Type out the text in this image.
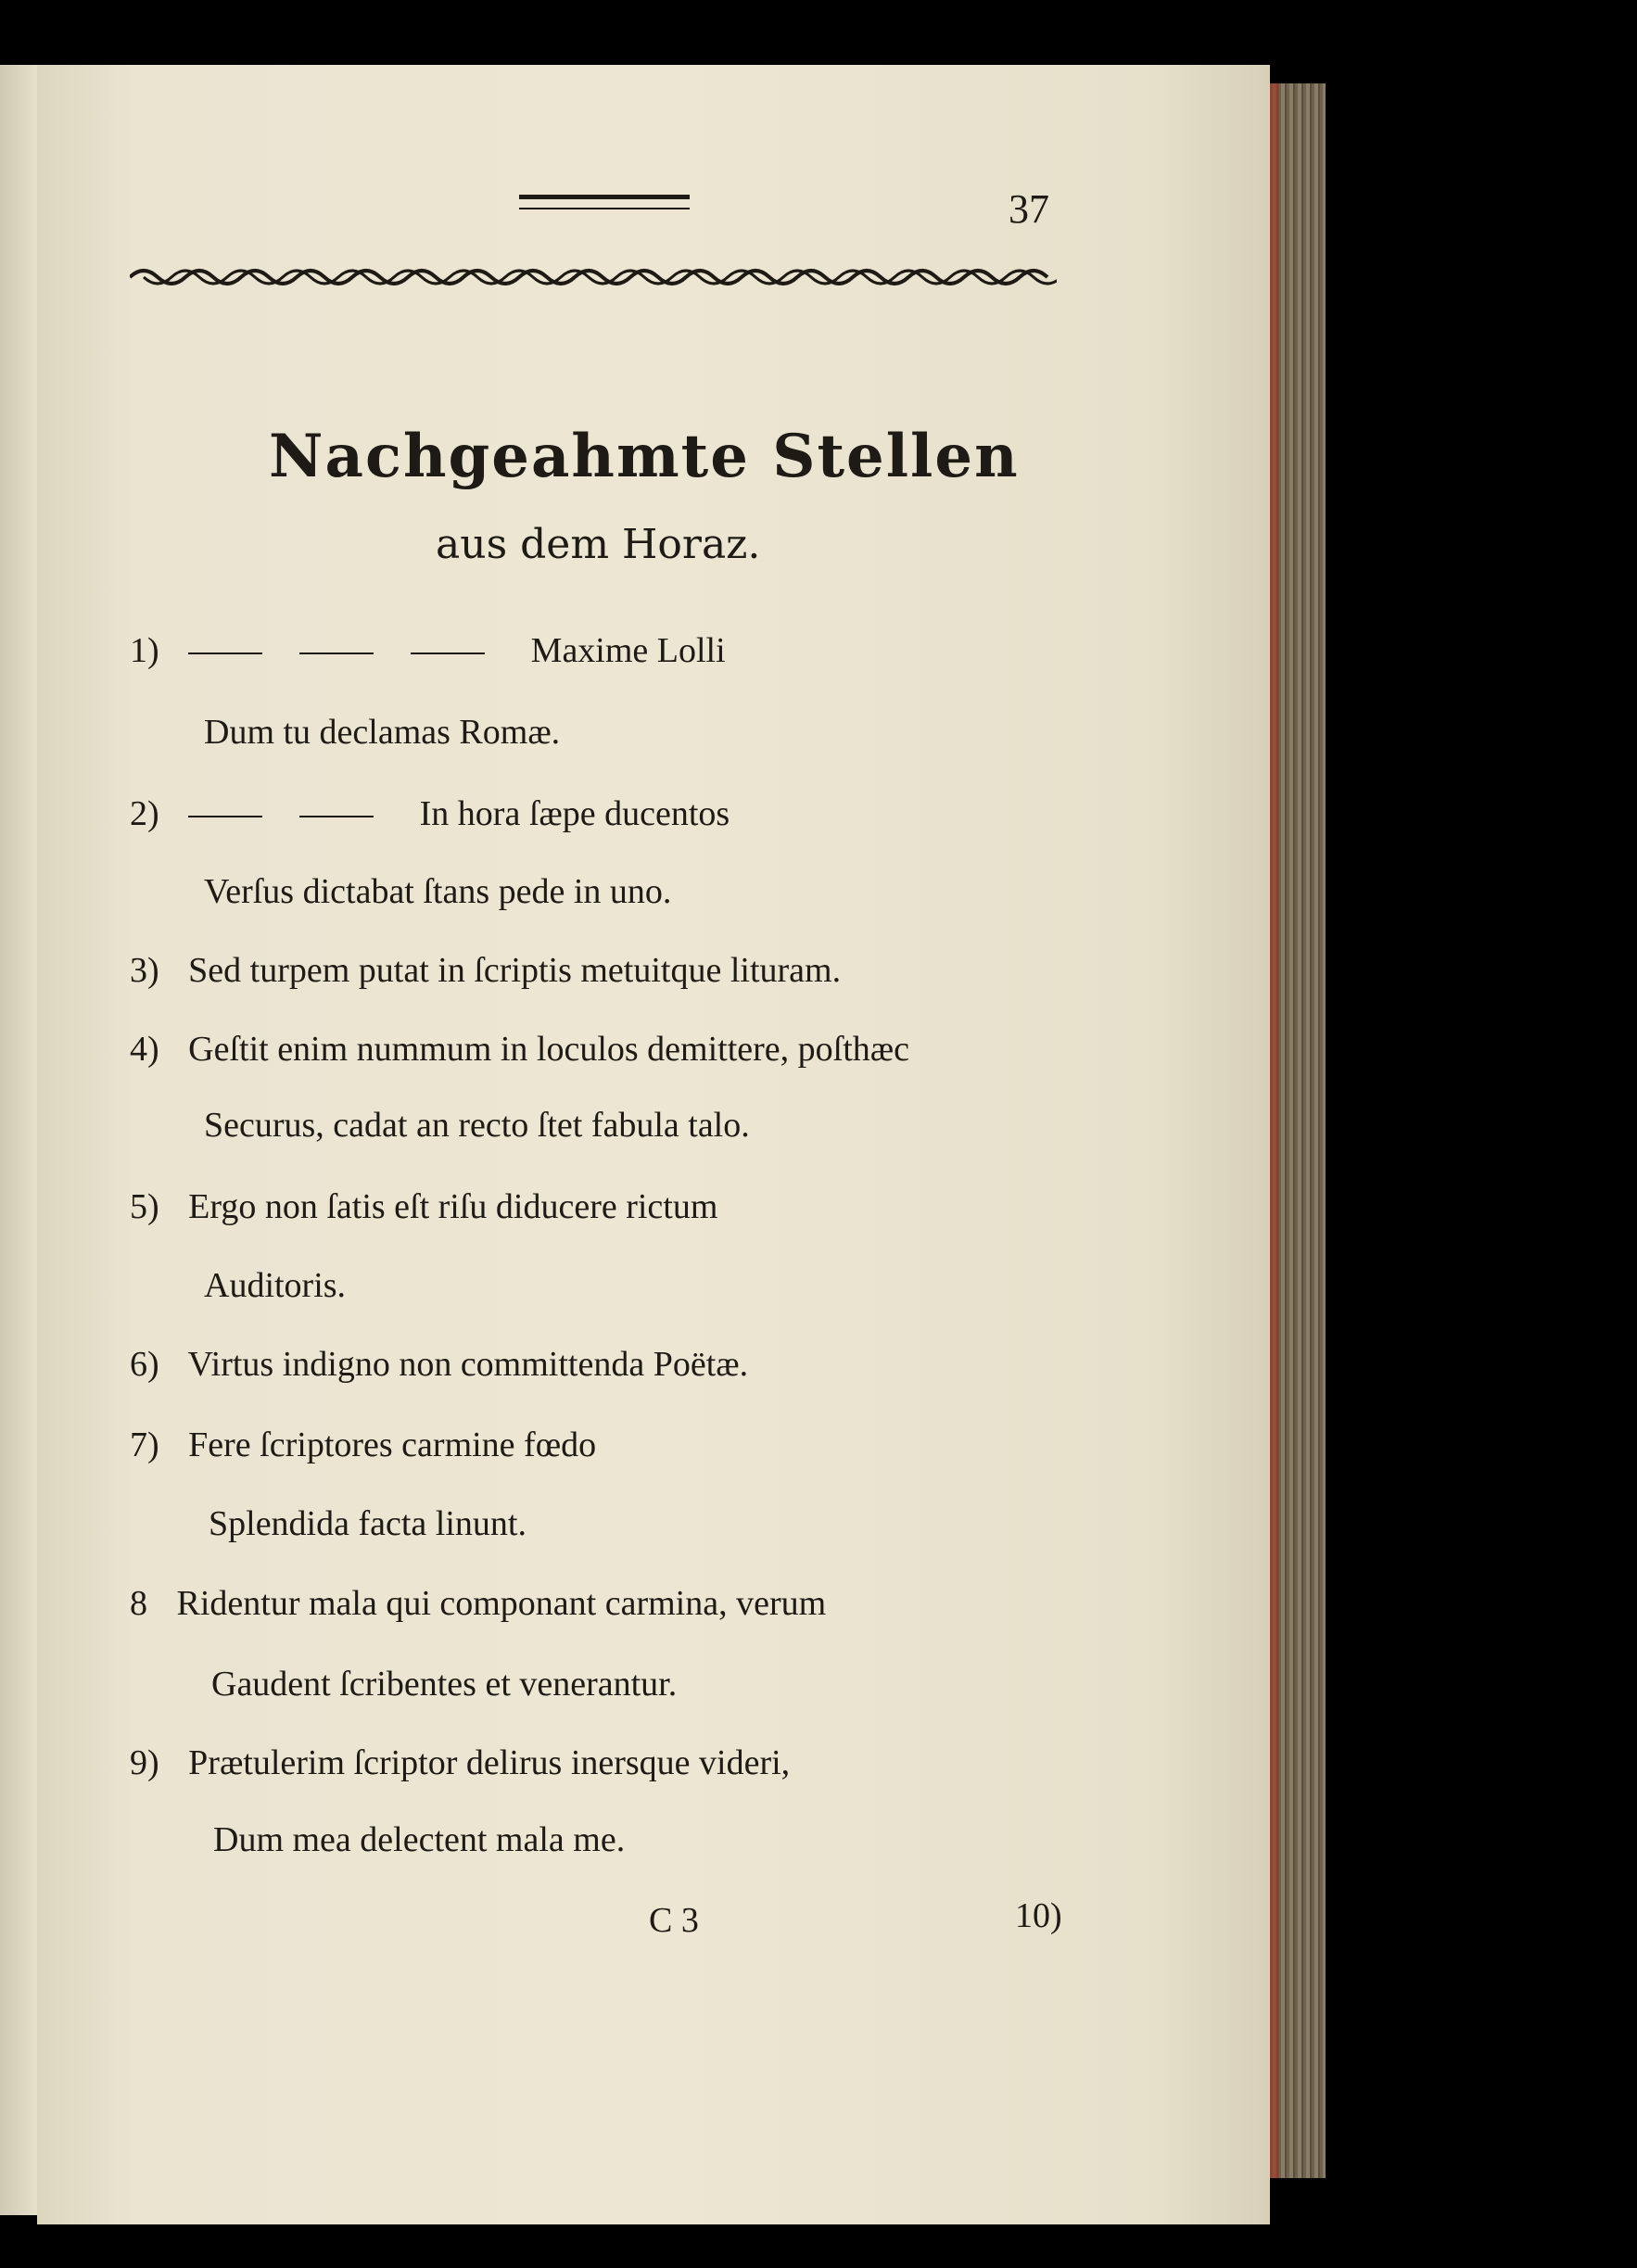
37
Nachgeahmte Stellen
aus dem Horaz.
1)	Maxime Lolli
Dum tu declamas Romæ.
2)	In hora ſæpe ducentos
Verſus dictabat ſtans pede in uno.
3) Sed turpem putat in ſcriptis metuitque lituram.
4) Geſtit enim nummum in loculos demittere, poſthæc
Securus, cadat an recto ſtet fabula talo.
5) Ergo non ſatis eſt riſu diducere rictum
Auditoris.
6) Virtus indigno non committenda Poëtæ.
7) Fere ſcriptores carmine fœdo
Splendida facta linunt.
8 Ridentur mala qui componant carmina, verum
Gaudent ſcribentes et venerantur.
9) Prætulerim ſcriptor delirus inersque videri,
Dum mea delectent mala me.
C 3	10)
